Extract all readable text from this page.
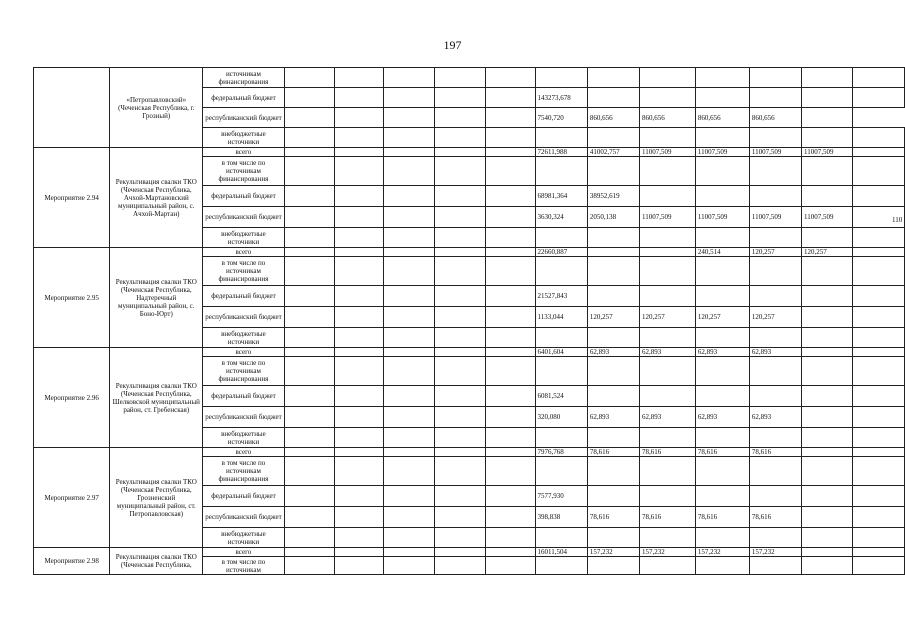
197
	«Петропавловский» (Чеченская Республика, г. Грозный)	источникам финансирования												
		федеральный бюджет						143273,678						
		республиканский бюджет						7540,720	860,656	860,656	860,656	860,656		
		внебюджетные источники												
Мероприятие 2.94	Рекультивация свалки ТКО (Чеченская Республика, Ачхой-Мартановский муниципальный район, с. Ачхой-Мартан)	всего						72611,988	41002,757	11007,509	11007,509	11007,509	11007,509	
		в том числе по источникам финансирования												
		федеральный бюджет						68981,364	38952,619					
		республиканский бюджет						3630,324	2050,138	11007,509	11007,509	11007,509	11007,509	
		внебюджетные источники												
Мероприятие 2.95	Рекультивация свалки ТКО (Чеченская Республика, Надтеречный муниципальный район, с. Боно-Юрт)	всего						22660,887			240,514	120,257	120,257	
		в том числе по источникам финансирования												
		федеральный бюджет						21527,843						
		республиканский бюджет						1133,044	120,257	120,257	120,257	120,257		
		внебюджетные источники												
Мероприятие 2.96	Рекультивация свалки ТКО (Чеченская Республика, Шелковской муниципальный район, ст. Гребенская)	всего						6401,604	62,893	62,893	62,893	62,893		
		в том числе по источникам финансирования												
		федеральный бюджет						6081,524						
		республиканский бюджет						320,080	62,893	62,893	62,893	62,893		
		внебюджетные источники												
Мероприятие 2.97	Рекультивация свалки ТКО (Чеченская Республика, Грозненский муниципальный район, ст. Петропавловская)	всего						7976,768	78,616	78,616	78,616	78,616		
		в том числе по источникам финансирования												
		федеральный бюджет						7577,930						
		республиканский бюджет						398,838	78,616	78,616	78,616	78,616		
		внебюджетные источники												
Мероприятие 2.98	Рекультивация свалки ТКО (Чеченская Республика,	всего						16011,504	157,232	157,232	157,232	157,232		
		в том числе по источникам												
110
